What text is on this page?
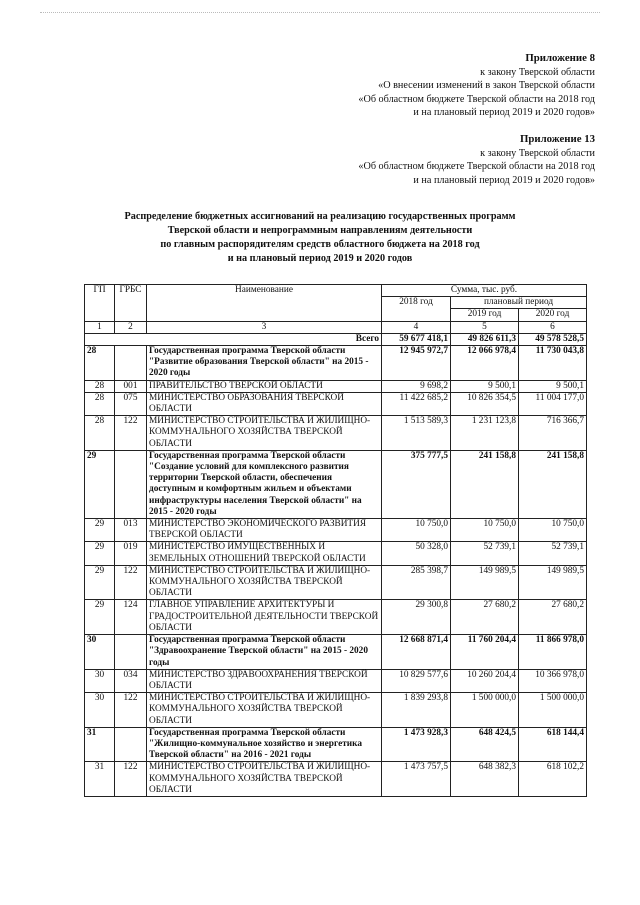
Приложение 8
к закону Тверской области
«О внесении изменений в закон Тверской области
«Об областном бюджете Тверской области на 2018 год
и на плановый период 2019 и 2020 годов»
Приложение 13
к закону Тверской области
«Об областном бюджете Тверской области на 2018 год
и на плановый период 2019 и 2020 годов»
Распределение бюджетных ассигнований на реализацию государственных программ
Тверской области и непрограммным направлениям деятельности
по главным распорядителям средств областного бюджета на 2018 год
и на плановый период 2019 и 2020 годов
ГП	ГРБС	Наименование	Сумма, тыс. руб.		
			2018 год	плановый период	
				2019 год	2020 год
1	2	3	4	5	6
Всего			59 677 418,1	49 826 611,3	49 578 528,5
28		Государственная программа Тверской области "Развитие образования Тверской области" на 2015 - 2020 годы	12 945 972,7	12 066 978,4	11 730 043,8
28	001	ПРАВИТЕЛЬСТВО ТВЕРСКОЙ ОБЛАСТИ	9 698,2	9 500,1	9 500,1
28	075	МИНИСТЕРСТВО ОБРАЗОВАНИЯ ТВЕРСКОЙ ОБЛАСТИ	11 422 685,2	10 826 354,5	11 004 177,0
28	122	МИНИСТЕРСТВО СТРОИТЕЛЬСТВА И ЖИЛИЩНО-КОММУНАЛЬНОГО ХОЗЯЙСТВА ТВЕРСКОЙ ОБЛАСТИ	1 513 589,3	1 231 123,8	716 366,7
29		Государственная программа Тверской области "Создание условий для комплексного развития территории Тверской области, обеспечения доступным и комфортным жильем и объектами инфраструктуры населения Тверской области" на 2015 - 2020 годы	375 777,5	241 158,8	241 158,8
29	013	МИНИСТЕРСТВО ЭКОНОМИЧЕСКОГО РАЗВИТИЯ ТВЕРСКОЙ ОБЛАСТИ	10 750,0	10 750,0	10 750,0
29	019	МИНИСТЕРСТВО ИМУЩЕСТВЕННЫХ И ЗЕМЕЛЬНЫХ ОТНОШЕНИЙ ТВЕРСКОЙ ОБЛАСТИ	50 328,0	52 739,1	52 739,1
29	122	МИНИСТЕРСТВО СТРОИТЕЛЬСТВА И ЖИЛИЩНО-КОММУНАЛЬНОГО ХОЗЯЙСТВА ТВЕРСКОЙ ОБЛАСТИ	285 398,7	149 989,5	149 989,5
29	124	ГЛАВНОЕ УПРАВЛЕНИЕ АРХИТЕКТУРЫ И ГРАДОСТРОИТЕЛЬНОЙ ДЕЯТЕЛЬНОСТИ ТВЕРСКОЙ ОБЛАСТИ	29 300,8	27 680,2	27 680,2
30		Государственная программа Тверской области "Здравоохранение Тверской области" на 2015 - 2020 годы	12 668 871,4	11 760 204,4	11 866 978,0
30	034	МИНИСТЕРСТВО ЗДРАВООХРАНЕНИЯ ТВЕРСКОЙ ОБЛАСТИ	10 829 577,6	10 260 204,4	10 366 978,0
30	122	МИНИСТЕРСТВО СТРОИТЕЛЬСТВА И ЖИЛИЩНО-КОММУНАЛЬНОГО ХОЗЯЙСТВА ТВЕРСКОЙ ОБЛАСТИ	1 839 293,8	1 500 000,0	1 500 000,0
31		Государственная программа Тверской области "Жилищно-коммунальное хозяйство и энергетика Тверской области" на 2016 - 2021 годы	1 473 928,3	648 424,5	618 144,4
31	122	МИНИСТЕРСТВО СТРОИТЕЛЬСТВА И ЖИЛИЩНО-КОММУНАЛЬНОГО ХОЗЯЙСТВА ТВЕРСКОЙ ОБЛАСТИ	1 473 757,5	648 382,3	618 102,2
